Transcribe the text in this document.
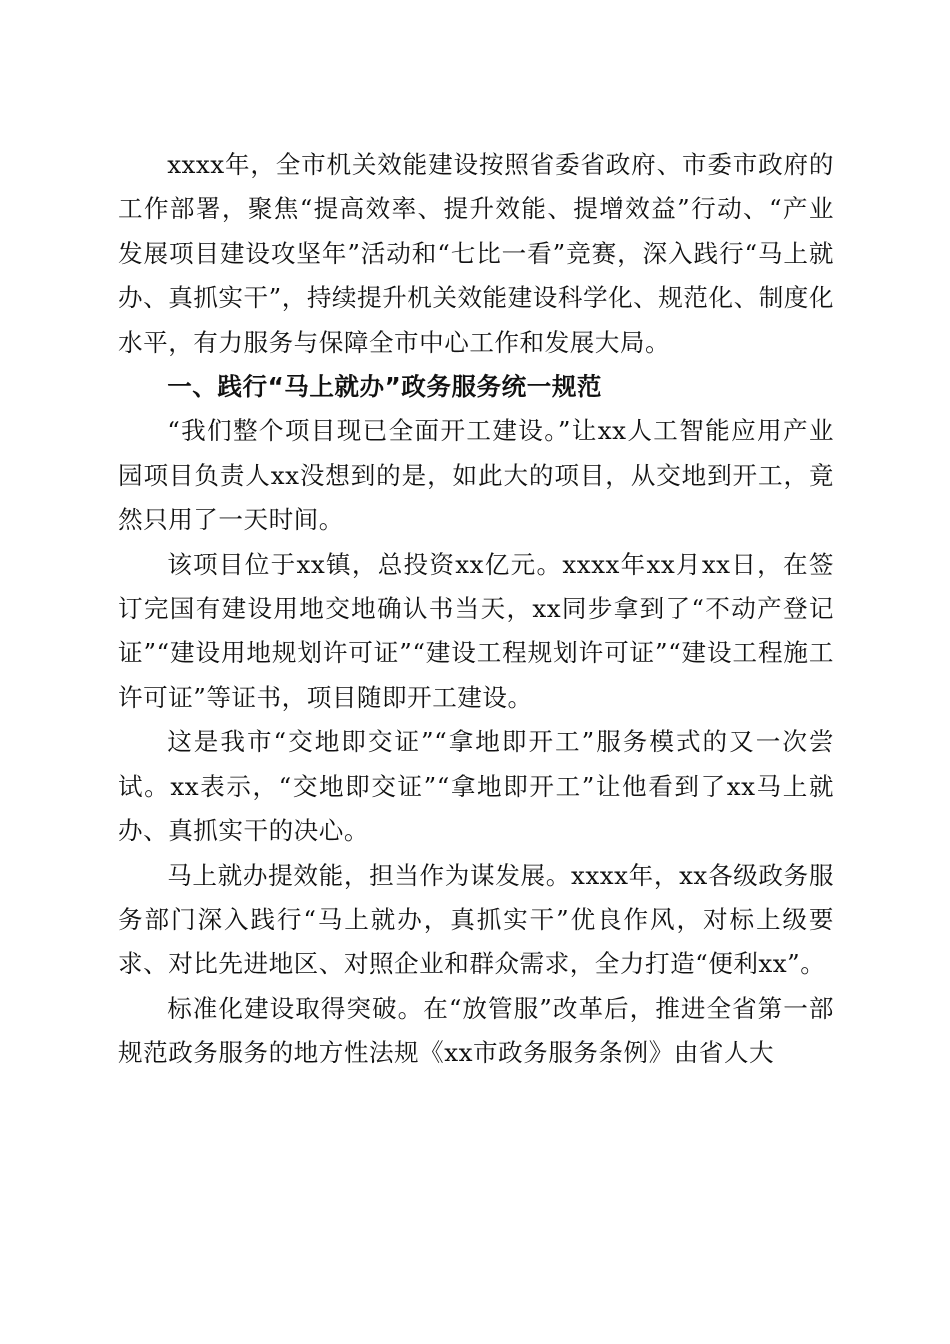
xxxx年，全市机关效能建设按照省委省政府、市委市政府的工作部署，聚焦“提高效率、提升效能、提增效益”行动、“产业发展项目建设攻坚年”活动和“七比一看”竞赛，深入践行“马上就办、真抓实干”，持续提升机关效能建设科学化、规范化、制度化水平，有力服务与保障全市中心工作和发展大局。

一、践行“马上就办”政务服务统一规范

“我们整个项目现已全面开工建设。”让xx人工智能应用产业园项目负责人xx没想到的是，如此大的项目，从交地到开工，竟然只用了一天时间。

该项目位于xx镇，总投资xx亿元。xxxx年xx月xx日，在签订完国有建设用地交地确认书当天，xx同步拿到了“不动产登记证”“建设用地规划许可证”“建设工程规划许可证”“建设工程施工许可证”等证书，项目随即开工建设。

这是我市“交地即交证”“拿地即开工”服务模式的又一次尝试。xx表示，“交地即交证”“拿地即开工”让他看到了xx马上就办、真抓实干的决心。

马上就办提效能，担当作为谋发展。xxxx年，xx各级政务服务部门深入践行“马上就办，真抓实干”优良作风，对标上级要求、对比先进地区、对照企业和群众需求，全力打造“便利xx”。

标准化建设取得突破。在“放管服”改革后，推进全省第一部规范政务服务的地方性法规《xx市政务服务条例》由省人大
